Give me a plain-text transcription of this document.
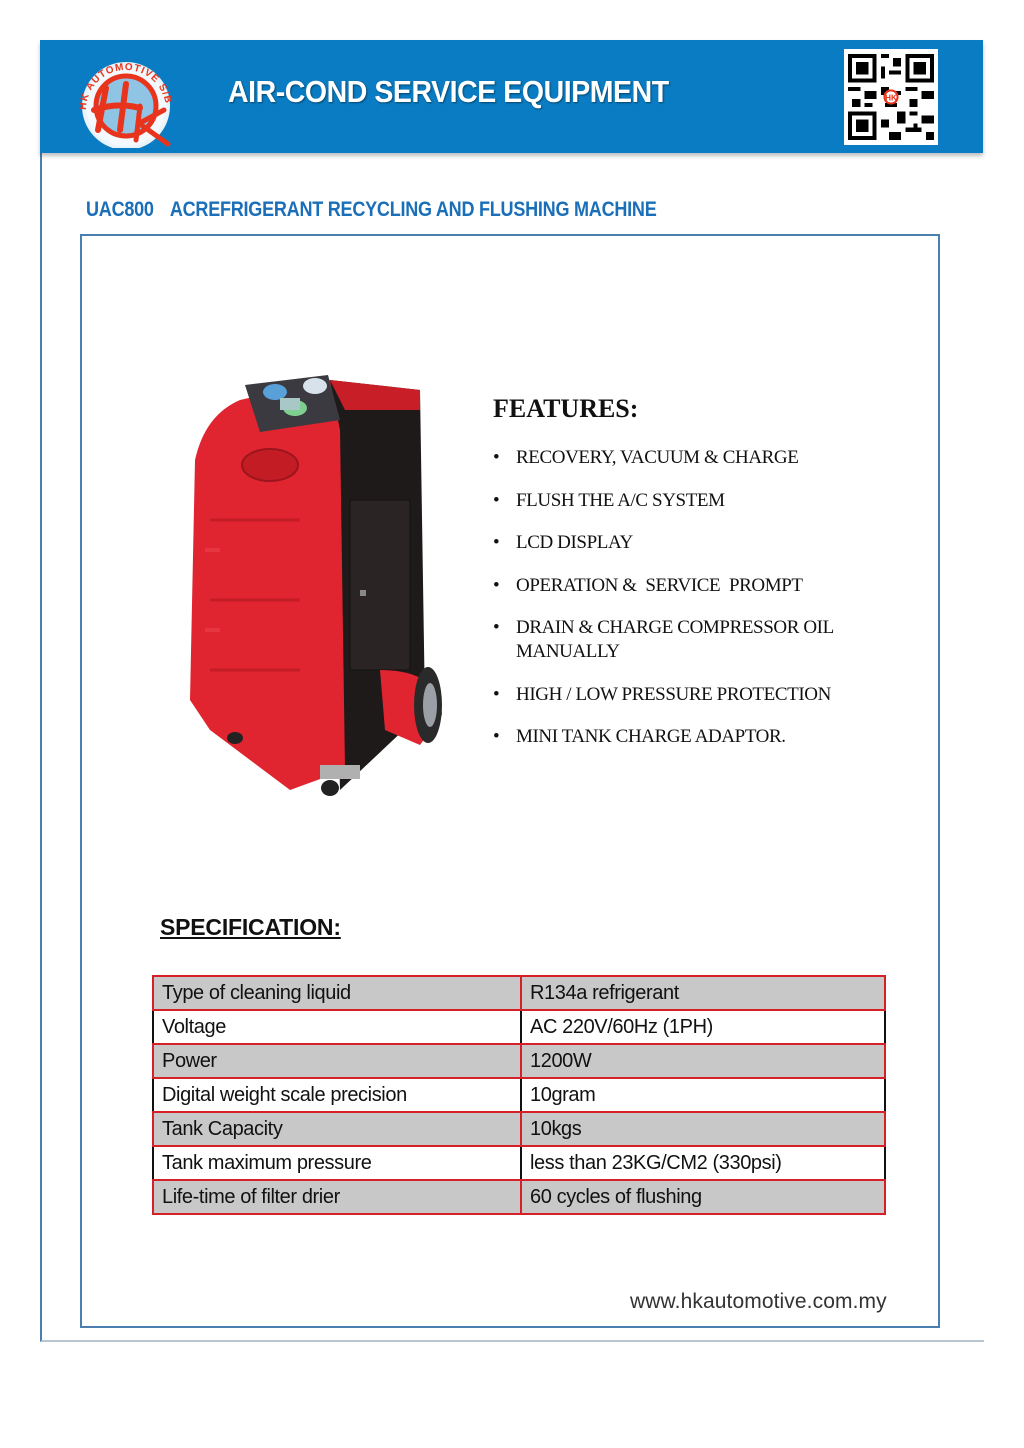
HK AUTOMOTIVE S/B AIR-COND SERVICE EQUIPMENT	HK
UAC800 ACREFRIGERANT RECYCLING AND FLUSHING MACHINE
FEATURES:
• RECOVERY, VACUUM & CHARGE
• FLUSH THE A/C SYSTEM
• LCD DISPLAY
• OPERATION &  SERVICE  PROMPT
• DRAIN & CHARGE COMPRESSOR OIL MANUALLY
• HIGH / LOW PRESSURE PROTECTION
• MINI TANK CHARGE ADAPTOR.
SPECIFICATION:
Type of cleaning liquid	R134a refrigerant
Voltage	AC 220V/60Hz (1PH)
Power	1200W
Digital weight scale precision	10gram
Tank Capacity	10kgs
Tank maximum pressure	less than 23KG/CM2 (330psi)
Life-time of filter drier	60 cycles of flushing
www.hkautomotive.com.my
